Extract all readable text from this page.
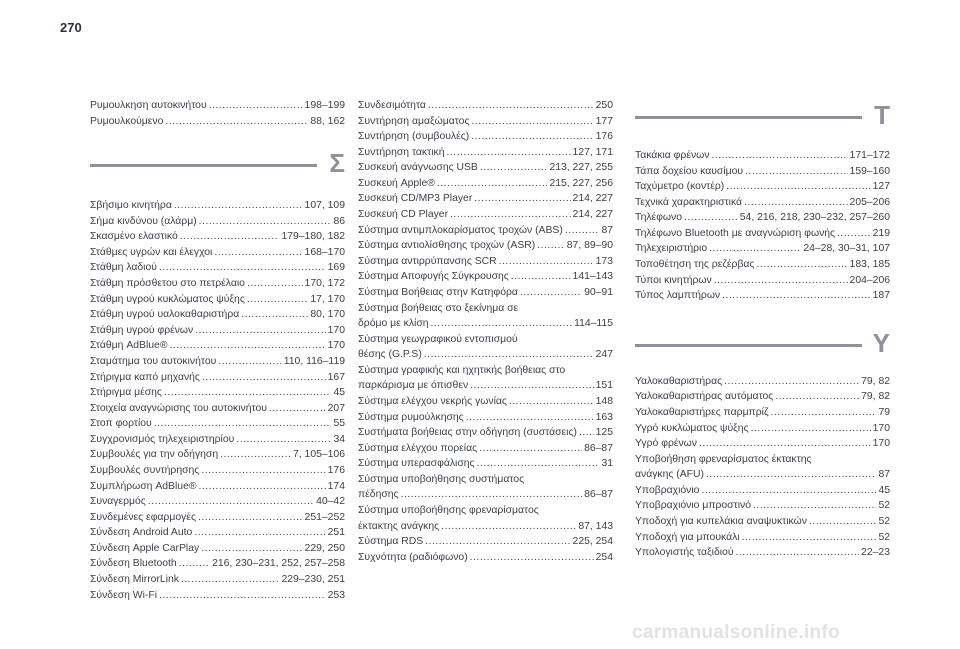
270
Ρυμουλκηση αυτοκινήτου .....	198–199
Ρυμουλκούμενο .....	88, 162
Σ
Σβήσιμο κινητήρα .....	107, 109
Σήμα κινδύνου (αλάρμ) .....	86
Σκασμένο ελαστικό .....	179–180, 182
Στάθμες υγρών και έλεγχοι .....	168–170
Στάθμη λαδιού .....	169
Στάθμη πρόσθετου στο πετρέλαιο .....	170, 172
Στάθμη υγρού κυκλώματος ψύξης .....	17, 170
Στάθμη υγρού υαλοκαθαριστήρα .....	80, 170
Στάθμη υγρού φρένων .....	170
Στάθμη AdBlue® .....	170
Σταμάτημα του αυτοκινήτου .....	110, 116–119
Στήριγμα καπό μηχανής .....	167
Στήριγμα μέσης .....	45
Στοιχεία αναγνώρισης του αυτοκινήτου .....	207
Στοπ φορτίου .....	55
Συγχρονισμός τηλεχειριστηρίου .....	34
Συμβουλές για την οδήγηση .....	7, 105–106
Συμβουλές συντήρησης .....	176
Συμπλήρωση AdBlue® .....	174
Συναγερμός .....	40–42
Συνδεμένες εφαρμογές .....	251–252
Σύνδεση Android Auto .....	251
Σύνδεση Apple CarPlay .....	229, 250
Σύνδεση Bluetooth .....	216, 230–231, 252, 257–258
Σύνδεση MirrorLink .....	229–230, 251
Σύνδεση Wi-Fi .....	253
Συνδεσιμότητα .....	250
Συντήρηση αμαξώματος .....	177
Συντήρηση (συμβουλές) .....	176
Συντήρηση τακτική .....	127, 171
Συσκευή ανάγνωσης USB .....	213, 227, 255
Συσκευή Apple® .....	215, 227, 256
Συσκευή CD/MP3 Player .....	214, 227
Συσκευή CD Player .....	214, 227
Σύστημα αντιμπλοκαρίσματος τροχών (ABS) .....	87
Σύστημα αντιολίσθησης τροχών (ASR) .....	87, 89–90
Σύστημα αντιρρύπανσης SCR .....	173
Σύστημα Αποφυγής Σύγκρουσης .....	141–143
Σύστημα Βοήθειας στην Κατηφόρα .....	90–91
Σύστημα βοήθειας στο ξεκίνημα σε
δρόμο με κλίση .....	114–115
Σύστημα γεωγραφικού εντοπισμού
θέσης (G.P.S) .....	247
Σύστημα γραφικής και ηχητικής βοήθειας στο
παρκάρισμα με όπισθεν .....	151
Σύστημα ελέγχου νεκρής γωνίας .....	148
Σύστημα ρυμούλκησης .....	163
Συστήματα βοήθειας στην οδήγηση (συστάσεις) ..... 125
Σύστημα ελέγχου πορείας .....	86–87
Σύστημα υπερασφάλισης .....	31
Σύστημα υποβοήθησης συστήματος
πέδησης .....	86–87
Σύστημα υποβοήθησης φρεναρίσματος
έκτακτης ανάγκης .....	87, 143
Σύστημα RDS .....	225, 254
Συχνότητα (ραδιόφωνο) .....	254
Τ
Τακάκια φρένων .....	171–172
Τάπα δοχείου καυσίμου .....	159–160
Ταχύμετρο (κοντέρ) .....	127
Τεχνικά χαρακτηριστικά .....	205–206
Τηλέφωνο .....	54, 216, 218, 230–232, 257–260
Τηλέφωνο Bluetooth με αναγνώριση φωνής .....	219
Τηλεχειριστήριο .....	24–28, 30–31, 107
Τοποθέτηση της ρεζέρβας .....	183, 185
Τύποι κινητήρων .....	204–206
Τύπος λαμπτήρων .....	187
Υ
Υαλοκαθαριστήρας .....	79, 82
Υαλοκαθαριστήρας αυτόματος .....	79, 82
Υαλοκαθαριστήρες παρμπρίζ .....	79
Υγρό κυκλώματος ψύξης .....	170
Υγρό φρένων .....	170
Υποβοήθηση φρεναρίσματος έκτακτης
ανάγκης (AFU) .....	87
Υποβραχιόνιο .....	45
Υποβραχιόνιο μπροστινό .....	52
Υποδοχή για κυπελάκια αναψυκτικών .....	52
Υποδοχή για μπουκάλι .....	52
Υπολογιστής ταξιδιού .....	22–23
carmanualsonline.info
